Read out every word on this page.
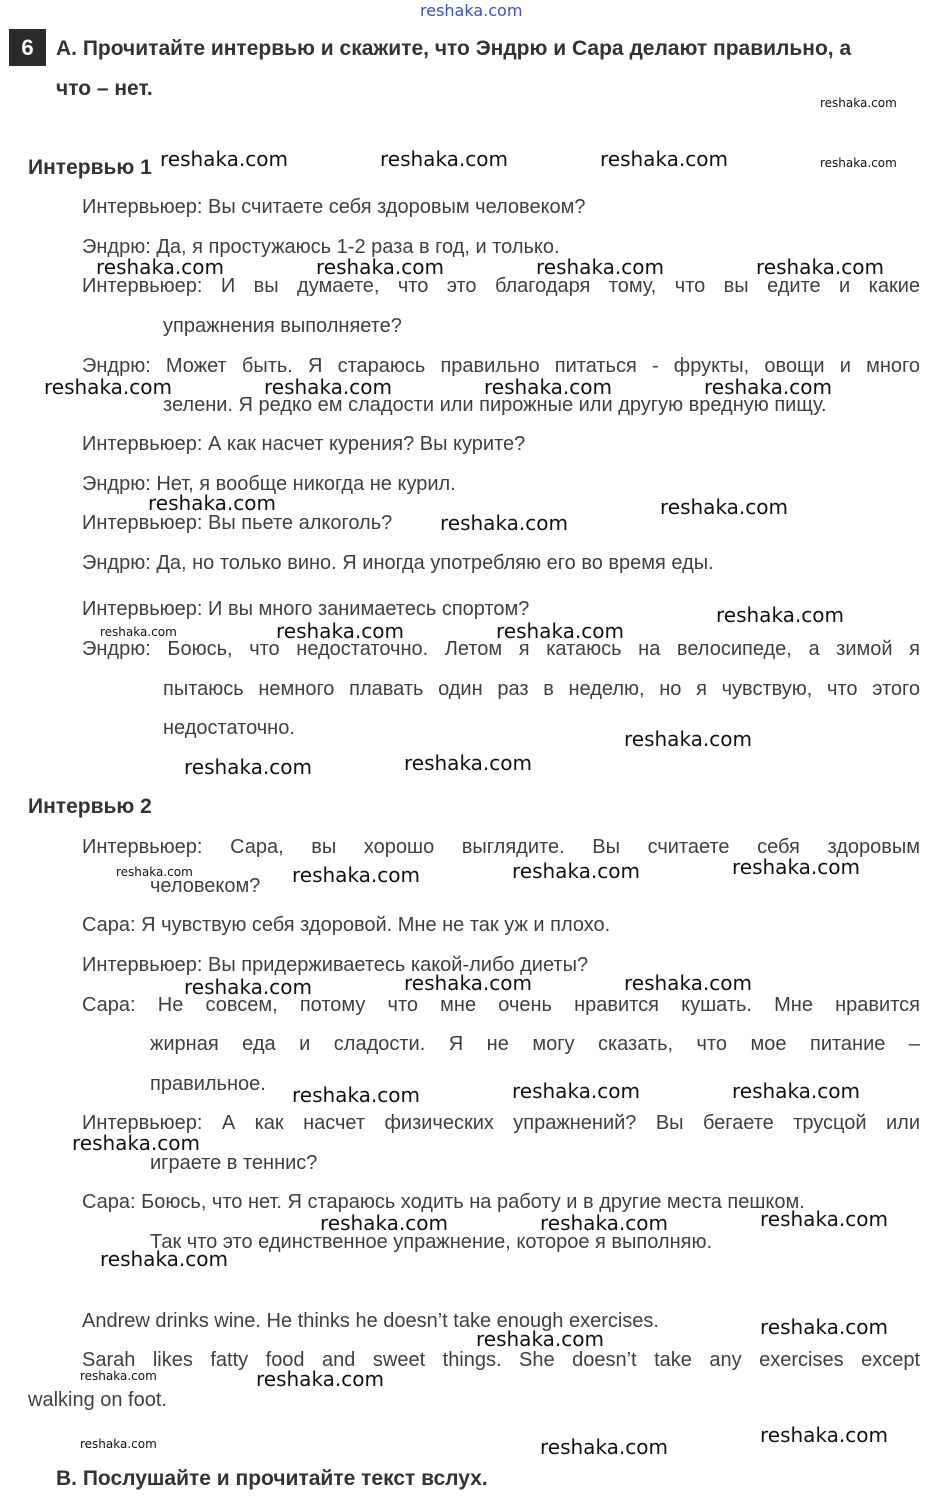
reshaka.com
6	A. Прочитайте интервью и скажите, что Эндрю и Сара делают правильно, а
что – нет.
Интервью 1
Интервьюер: Вы считаете себя здоровым человеком?
Эндрю: Да, я простужаюсь 1-2 раза в год, и только.
Интервьюер: И вы думаете, что это благодаря тому, что вы едите и какие
упражнения выполняете?
Эндрю: Может быть. Я стараюсь правильно питаться - фрукты, овощи и много
зелени. Я редко ем сладости или пирожные или другую вредную пищу.
Интервьюер: А как насчет курения? Вы курите?
Эндрю: Нет, я вообще никогда не курил.
Интервьюер: Вы пьете алкоголь?
Эндрю: Да, но только вино. Я иногда употребляю его во время еды.
Интервьюер: И вы много занимаетесь спортом?
Эндрю: Боюсь, что недостаточно. Летом я катаюсь на велосипеде, а зимой я
пытаюсь немного плавать один раз в неделю, но я чувствую, что этого
недостаточно.
Интервью 2
Интервьюер: Сара, вы хорошо выглядите. Вы считаете себя здоровым
человеком?
Сара: Я чувствую себя здоровой. Мне не так уж и плохо.
Интервьюер: Вы придерживаетесь какой-либо диеты?
Сара: Не совсем, потому что мне очень нравится кушать. Мне нравится
жирная еда и сладости. Я не могу сказать, что мое питание –
правильное.
Интервьюер: А как насчет физических упражнений? Вы бегаете трусцой или
играете в теннис?
Сара: Боюсь, что нет. Я стараюсь ходить на работу и в другие места пешком.
Так что это единственное упражнение, которое я выполняю.
Andrew drinks wine. He thinks he doesn’t take enough exercises.
Sarah likes fatty food and sweet things. She doesn’t take any exercises except
walking on foot.
B. Послушайте и прочитайте текст вслух.
reshaka.com	reshaka.com	reshaka.com
reshaka.com	reshaka.com	reshaka.com	reshaka.com
reshaka.com	reshaka.com	reshaka.com	reshaka.com
reshaka.com	reshaka.com
reshaka.com
reshaka.com
reshaka.com	reshaka.com
reshaka.com
reshaka.com
reshaka.com
reshaka.com
reshaka.com
reshaka.com
reshaka.com	reshaka.com
reshaka.com
reshaka.com	reshaka.com
reshaka.com
reshaka.com
reshaka.com
reshaka.com	reshaka.com
reshaka.com
reshaka.com
reshaka.com
reshaka.com
reshaka.com
reshaka.com
reshaka.com
reshaka.com
reshaka.com
reshaka.com
reshaka.com
reshaka.com
